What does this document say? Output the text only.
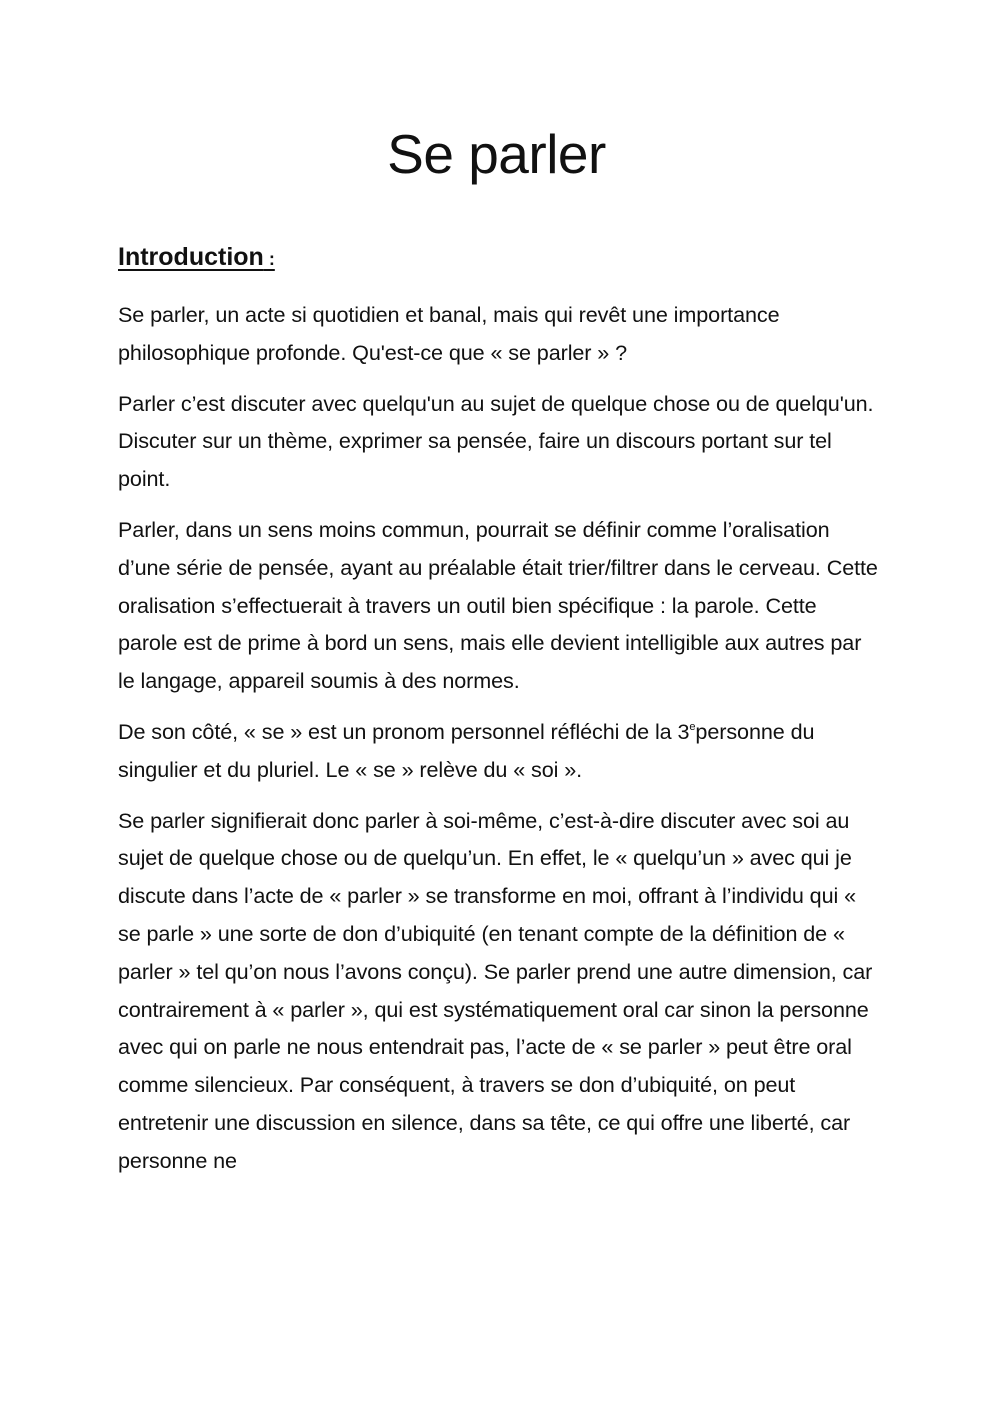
Se parler
Introduction :

Se parler, un acte si quotidien et banal, mais qui revêt une importance philosophique profonde. Qu'est-ce que « se parler » ?

Parler c’est discuter avec quelqu'un au sujet de quelque chose ou de quelqu'un. Discuter sur un thème, exprimer sa pensée, faire un discours portant sur tel point.

Parler, dans un sens moins commun, pourrait se définir comme l’oralisation d’une série de pensée, ayant au préalable était trier/filtrer dans le cerveau. Cette oralisation s’effectuerait à travers un outil bien spécifique : la parole. Cette parole est de prime à bord un sens, mais elle devient intelligible aux autres par le langage, appareil soumis à des normes.

De son côté, « se » est un pronom personnel réfléchi de la 3epersonne du singulier et du pluriel. Le « se » relève du « soi ».

Se parler signifierait donc parler à soi-même, c’est-à-dire discuter avec soi au sujet de quelque chose ou de quelqu’un. En effet, le « quelqu’un » avec qui je discute dans l’acte de « parler » se transforme en moi, offrant à l’individu qui « se parle » une sorte de don d’ubiquité (en tenant compte de la définition de « parler » tel qu’on nous l’avons conçu). Se parler prend une autre dimension, car contrairement à « parler », qui est systématiquement oral car sinon la personne avec qui on parle ne nous entendrait pas, l’acte de « se parler » peut être oral comme silencieux. Par conséquent, à travers se don d’ubiquité, on peut entretenir une discussion en silence, dans sa tête, ce qui offre une liberté, car personne ne
